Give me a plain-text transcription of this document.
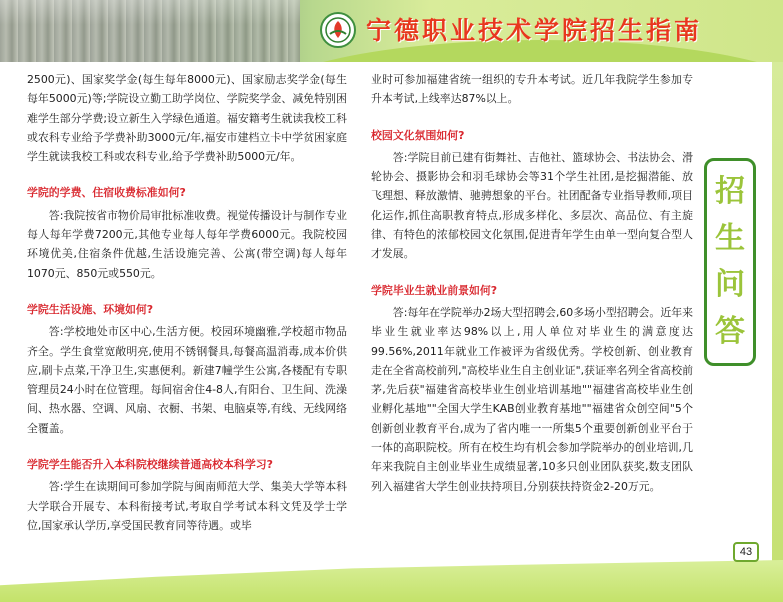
宁德职业技术学院招生指南

2500元)、国家奖学金(每生每年8000元)、国家励志奖学金(每生每年5000元)等;学院设立勤工助学岗位、学院奖学金、减免特别困难学生部分学费;设立新生入学绿色通道。福安籍考生就读我校工科或农科专业给予学费补助3000元/年,福安市建档立卡中学贫困家庭学生就读我校工科或农科专业,给予学费补助5000元/年。

学院的学费、住宿收费标准如何?

答:我院按省市物价局审批标准收费。视觉传播设计与制作专业每人每年学费7200元,其他专业每人每年学费6000元。我院校园环境优美,住宿条件优越,生活设施完善、公寓(带空调)每人每年1070元、850元或550元。

学院生活设施、环境如何?

答:学校地处市区中心,生活方便。校园环境幽雅,学校超市物品齐全。学生食堂宽敞明亮,使用不锈钢餐具,每餐高温消毒,成本价供应,刷卡点菜,干净卫生,实惠便利。新建7幢学生公寓,各楼配有专职管理员24小时在位管理。每间宿舍住4-8人,有阳台、卫生间、洗澡间、热水器、空调、风扇、衣橱、书架、电脑桌等,有线、无线网络全覆盖。

学院学生能否升入本科院校继续普通高校本科学习?

答:学生在读期间可参加学院与闽南师范大学、集美大学等本科大学联合开展专、本科衔接考试,考取自学考试本科文凭及学士学位,国家承认学历,享受国民教育同等待遇。或毕

业时可参加福建省统一组织的专升本考试。近几年我院学生参加专升本考试,上线率达87%以上。

校园文化氛围如何?

答:学院目前已建有街舞社、吉他社、篮球协会、书法协会、滑轮协会、摄影协会和羽毛球协会等31个学生社团,是挖掘潜能、放飞理想、释放激情、驰骋想象的平台。社团配备专业指导教师,项目化运作,抓住高职教育特点,形成多样化、多层次、高品位、有主旋律、有特色的浓郁校园文化氛围,促进青年学生由单一型向复合型人才发展。

学院毕业生就业前景如何?

答:每年在学院举办2场大型招聘会,60多场小型招聘会。近年来毕业生就业率达98%以上,用人单位对毕业生的满意度达99.56%,2011年就业工作被评为省级优秀。学校创新、创业教育走在全省高校前列,"高校毕业生自主创业证",获证率名列全省高校前茅,先后获"福建省高校毕业生创业培训基地""福建省高校毕业生创业孵化基地""全国大学生KAB创业教育基地""福建省众创空间"5个创新创业教育平台,成为了省内唯一一所集5个重要创新创业平台于一体的高职院校。所有在校生均有机会参加学院举办的创业培训,几年来我院自主创业毕业生成绩显著,10多只创业团队获奖,数支团队列入福建省大学生创业扶持项目,分别获扶持资金2-20万元。

招
生
问
答
43
